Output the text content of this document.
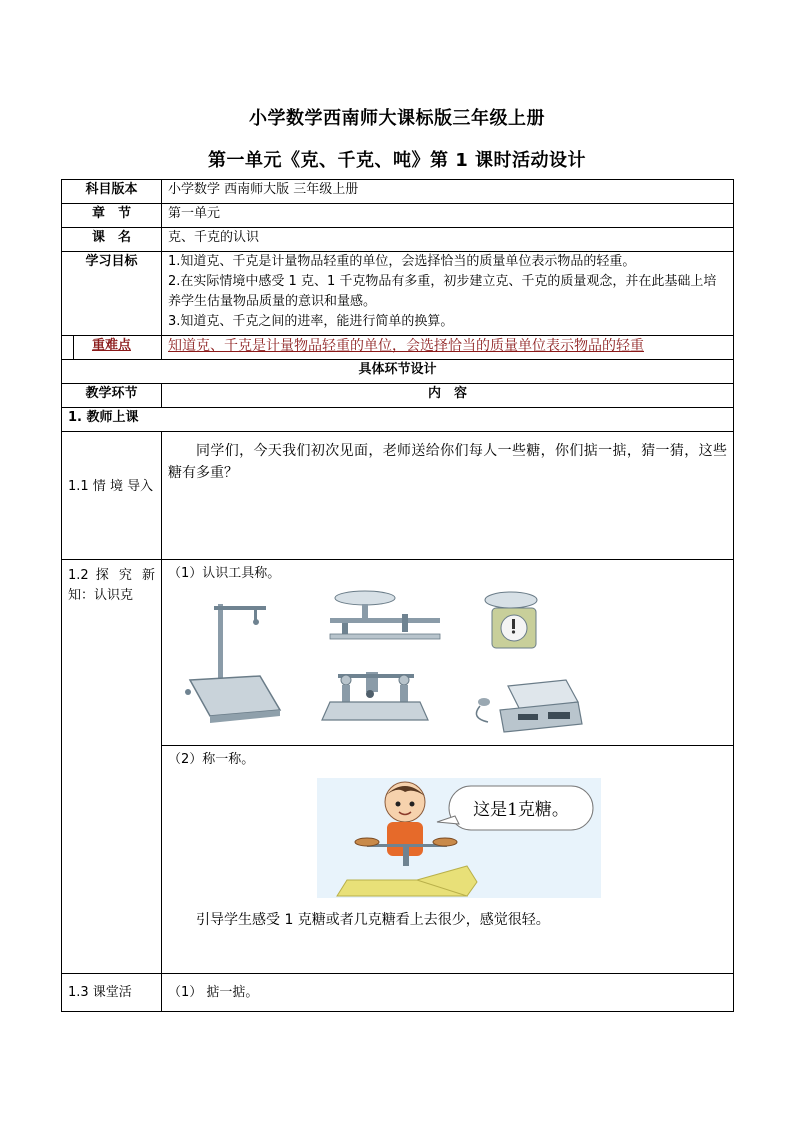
小学数学西南师大课标版三年级上册
第一单元《克、千克、吨》第 1 课时活动设计
科目版本	小学数学 西南师大版 三年级上册
章　节	第一单元
课　名	克、千克的认识
学习目标	1.知道克、千克是计量物品轻重的单位，会选择恰当的质量单位表示物品的轻重。
2.在实际情境中感受 1 克、1 千克物品有多重，初步建立克、千克的质量观念，并在此基础上培养学生估量物品质量的意识和量感。
3.知道克、千克之间的进率，能进行简单的换算。

重难点	知道克、千克是计量物品轻重的单位，会选择恰当的质量单位表示物品的轻重
具体环节设计	
教学环节	内　容
1. 教师上课	
1.1 情 境 导入	同学们，今天我们初次见面，老师送给你们每人一些糖，你们掂一掂，猜一猜，这些糖有多重？
1.2 探 究 新知：认识克	（1）认识工具称。

	（2）称一称。
这是1克糖。
引导学生感受 1 克糖或者几克糖看上去很少，感觉很轻。

1.3 课堂活	（1） 掂一掂。
